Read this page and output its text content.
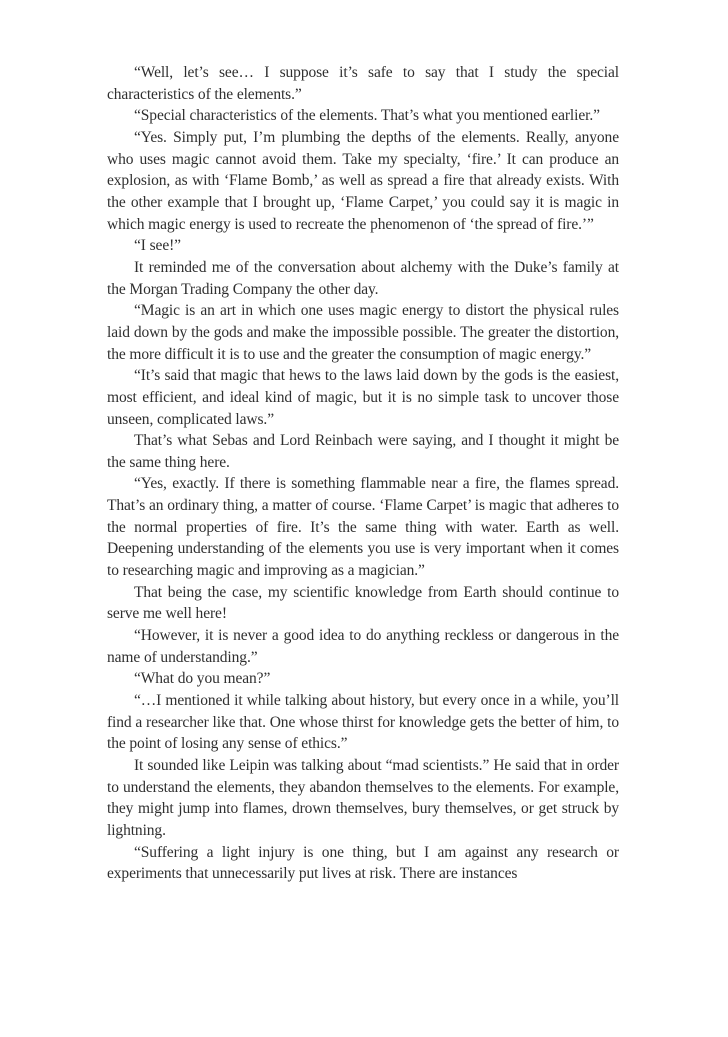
“Well, let’s see… I suppose it’s safe to say that I study the special characteristics of the elements.”

“Special characteristics of the elements. That’s what you mentioned earlier.”

“Yes. Simply put, I’m plumbing the depths of the elements. Really, anyone who uses magic cannot avoid them. Take my specialty, ‘fire.’ It can produce an explosion, as with ‘Flame Bomb,’ as well as spread a fire that already exists. With the other example that I brought up, ‘Flame Carpet,’ you could say it is magic in which magic energy is used to recreate the phenomenon of ‘the spread of fire.’”

“I see!”

It reminded me of the conversation about alchemy with the Duke’s family at the Morgan Trading Company the other day.

“Magic is an art in which one uses magic energy to distort the physical rules laid down by the gods and make the impossible possible. The greater the distortion, the more difficult it is to use and the greater the consumption of magic energy.”

“It’s said that magic that hews to the laws laid down by the gods is the easiest, most efficient, and ideal kind of magic, but it is no simple task to uncover those unseen, complicated laws.”

That’s what Sebas and Lord Reinbach were saying, and I thought it might be the same thing here.

“Yes, exactly. If there is something flammable near a fire, the flames spread. That’s an ordinary thing, a matter of course. ‘Flame Carpet’ is magic that adheres to the normal properties of fire. It’s the same thing with water. Earth as well. Deepening understanding of the elements you use is very important when it comes to researching magic and improving as a magician.”

That being the case, my scientific knowledge from Earth should continue to serve me well here!

“However, it is never a good idea to do anything reckless or dangerous in the name of understanding.”

“What do you mean?”

“…I mentioned it while talking about history, but every once in a while, you’ll find a researcher like that. One whose thirst for knowledge gets the better of him, to the point of losing any sense of ethics.”

It sounded like Leipin was talking about “mad scientists.” He said that in order to understand the elements, they abandon themselves to the elements. For example, they might jump into flames, drown themselves, bury themselves, or get struck by lightning.

“Suffering a light injury is one thing, but I am against any research or experiments that unnecessarily put lives at risk. There are instances
